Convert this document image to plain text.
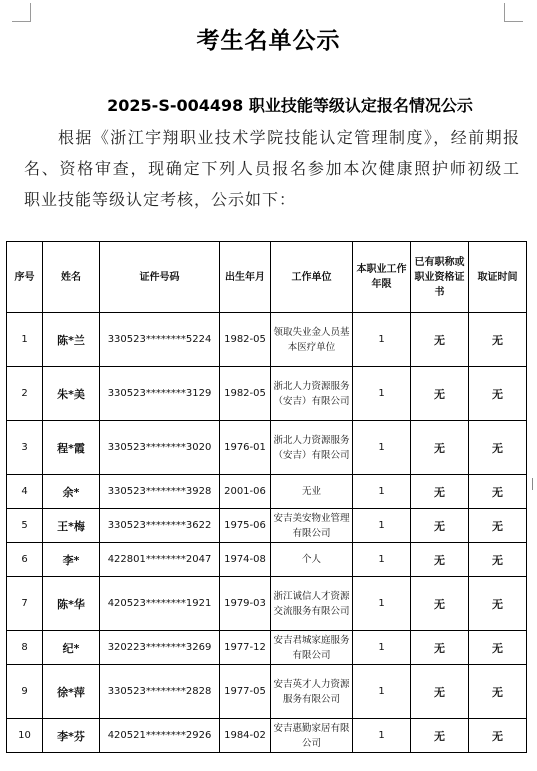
考生名单公示
2025-S-004498 职业技能等级认定报名情况公示
根据《浙江宇翔职业技术学院技能认定管理制度》，经前期报名、资格审查，现确定下列人员报名参加本次健康照护师初级工 职业技能等级认定考核，公示如下：
序号	姓名	证件号码	出生年月	工作单位	本职业工作年限	已有职称或职业资格证书	取证时间
1	陈*兰	330523********5224	1982-05	领取失业金人员基本医疗单位	1	无	无
2	朱*美	330523********3129	1982-05	浙北人力资源服务（安吉）有限公司	1	无	无
3	程*霞	330523********3020	1976-01	浙北人力资源服务（安吉）有限公司	1	无	无
4	余*	330523********3928	2001-06	无业	1	无	无
5	王*梅	330523********3622	1975-06	安吉美安物业管理有限公司	1	无	无
6	李*	422801********2047	1974-08	个人	1	无	无
7	陈*华	420523********1921	1979-03	浙江诚信人才资源交流服务有限公司	1	无	无
8	纪*	320223********3269	1977-12	安吉君城家庭服务有限公司	1	无	无
9	徐*萍	330523********2828	1977-05	安吉英才人力资源服务有限公司	1	无	无
10	李*芬	420521********2926	1984-02	安吉惠勤家居有限公司	1	无	无
